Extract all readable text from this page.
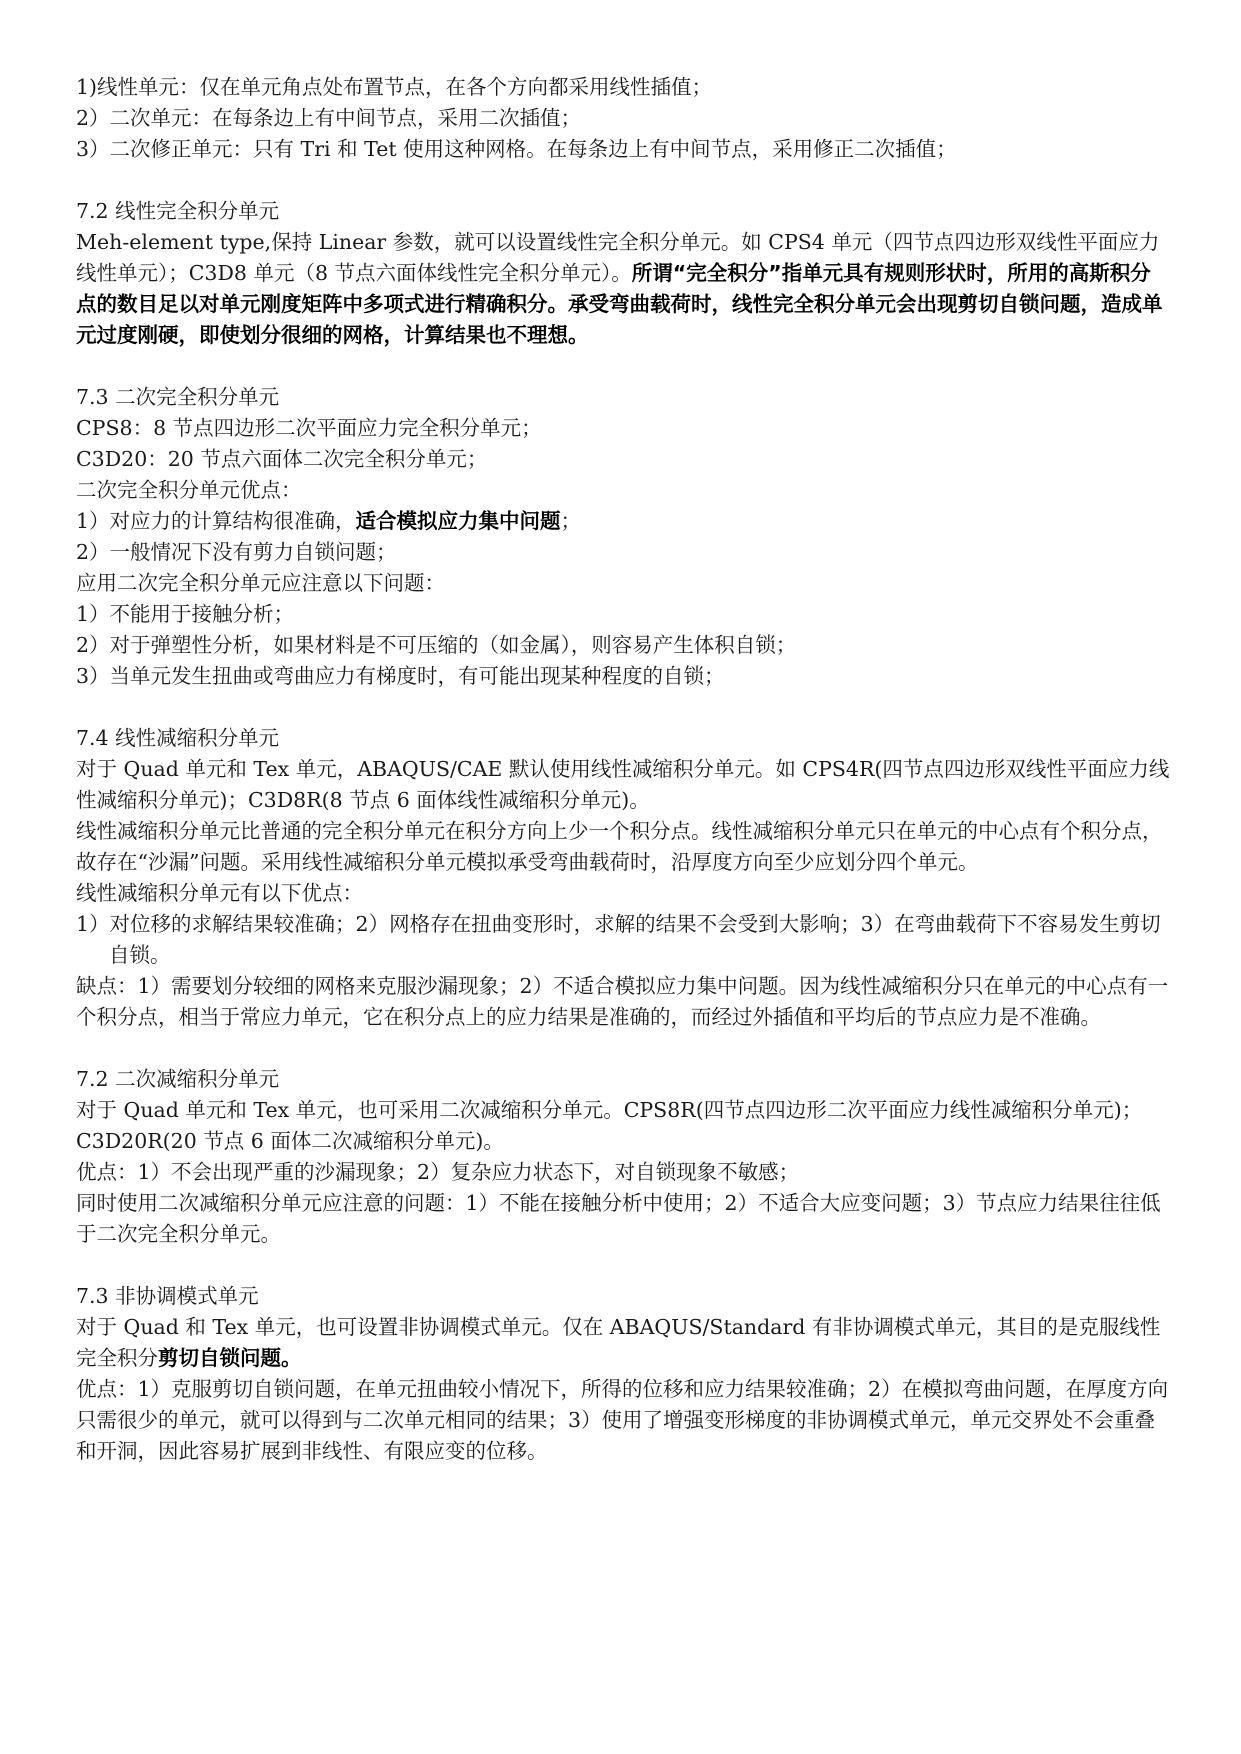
1)线性单元：仅在单元角点处布置节点，在各个方向都采用线性插值；

2）二次单元：在每条边上有中间节点，采用二次插值；

3）二次修正单元：只有 Tri 和 Tet 使用这种网格。在每条边上有中间节点，采用修正二次插值；

7.2 线性完全积分单元

Meh-element type,保持 Linear 参数，就可以设置线性完全积分单元。如 CPS4 单元（四节点四边形双线性平面应力线性单元）；C3D8 单元（8 节点六面体线性完全积分单元）。所谓“完全积分”指单元具有规则形状时，所用的高斯积分点的数目足以对单元刚度矩阵中多项式进行精确积分。承受弯曲载荷时，线性完全积分单元会出现剪切自锁问题，造成单元过度刚硬，即使划分很细的网格，计算结果也不理想。

7.3 二次完全积分单元

CPS8：8 节点四边形二次平面应力完全积分单元；

C3D20：20 节点六面体二次完全积分单元；

二次完全积分单元优点：

1）对应力的计算结构很准确，适合模拟应力集中问题；

2）一般情况下没有剪力自锁问题；

应用二次完全积分单元应注意以下问题：

1）不能用于接触分析；

2）对于弹塑性分析，如果材料是不可压缩的（如金属），则容易产生体积自锁；

3）当单元发生扭曲或弯曲应力有梯度时，有可能出现某种程度的自锁；

7.4 线性减缩积分单元

对于 Quad 单元和 Tex 单元，ABAQUS/CAE 默认使用线性减缩积分单元。如 CPS4R(四节点四边形双线性平面应力线性减缩积分单元)；C3D8R(8 节点 6 面体线性减缩积分单元)。

线性减缩积分单元比普通的完全积分单元在积分方向上少一个积分点。线性减缩积分单元只在单元的中心点有个积分点，故存在“沙漏”问题。采用线性减缩积分单元模拟承受弯曲载荷时，沿厚度方向至少应划分四个单元。

线性减缩积分单元有以下优点：

1）对位移的求解结果较准确；2）网格存在扭曲变形时，求解的结果不会受到大影响；3）在弯曲载荷下不容易发生剪切自锁。

缺点：1）需要划分较细的网格来克服沙漏现象；2）不适合模拟应力集中问题。因为线性减缩积分只在单元的中心点有一个积分点，相当于常应力单元，它在积分点上的应力结果是准确的，而经过外插值和平均后的节点应力是不准确。

7.2 二次减缩积分单元

对于 Quad 单元和 Tex 单元，也可采用二次减缩积分单元。CPS8R(四节点四边形二次平面应力线性减缩积分单元)；C3D20R(20 节点 6 面体二次减缩积分单元)。

优点：1）不会出现严重的沙漏现象；2）复杂应力状态下，对自锁现象不敏感；

同时使用二次减缩积分单元应注意的问题：1）不能在接触分析中使用；2）不适合大应变问题；3）节点应力结果往往低于二次完全积分单元。

7.3 非协调模式单元

对于 Quad 和 Tex 单元，也可设置非协调模式单元。仅在 ABAQUS/Standard 有非协调模式单元，其目的是克服线性完全积分剪切自锁问题。

优点：1）克服剪切自锁问题，在单元扭曲较小情况下，所得的位移和应力结果较准确；2）在模拟弯曲问题，在厚度方向只需很少的单元，就可以得到与二次单元相同的结果；3）使用了增强变形梯度的非协调模式单元，单元交界处不会重叠和开洞，因此容易扩展到非线性、有限应变的位移。
